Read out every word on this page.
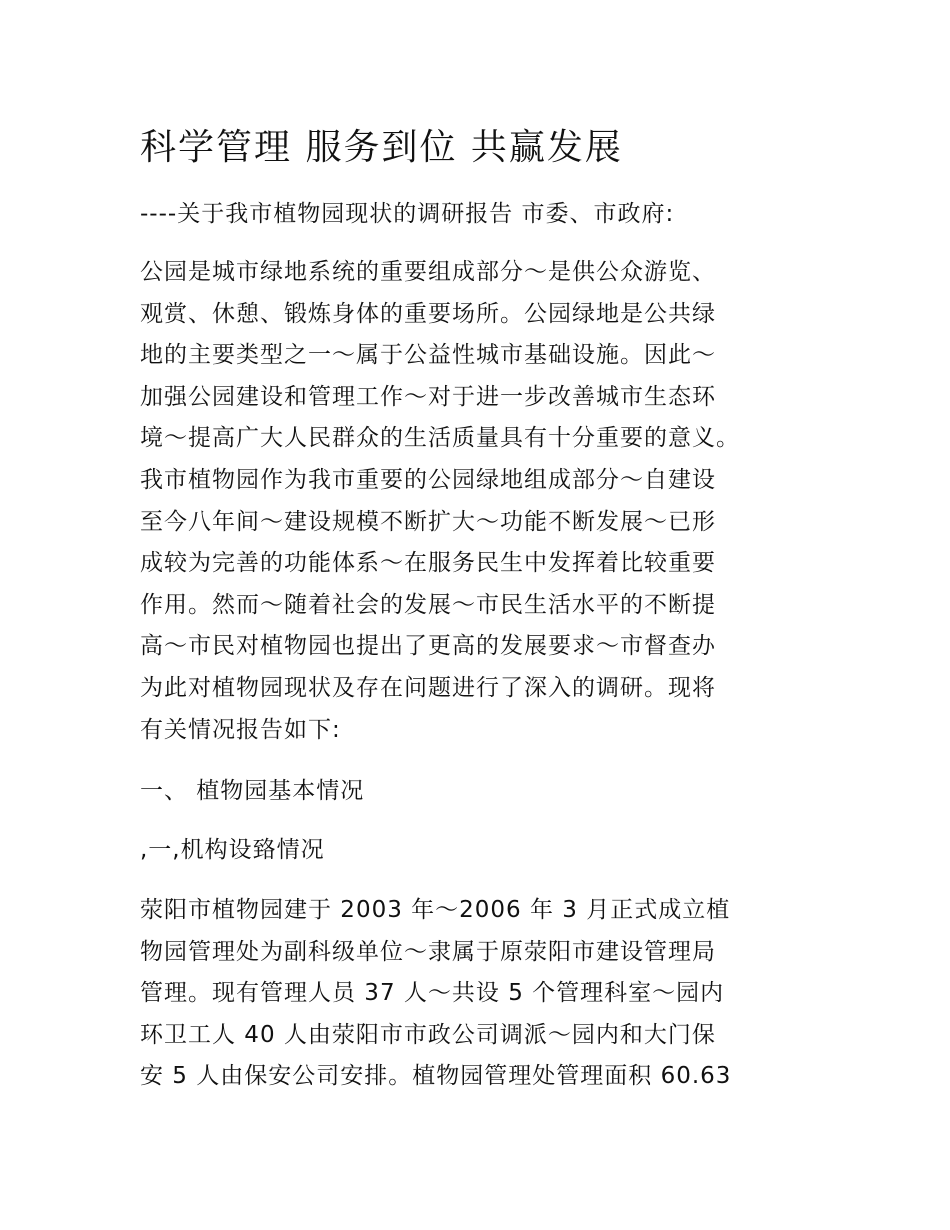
科学管理 服务到位 共赢发展
----关于我市植物园现状的调研报告 市委、市政府:
公园是城市绿地系统的重要组成部分～是供公众游览、
观赏、休憩、锻炼身体的重要场所。公园绿地是公共绿
地的主要类型之一～属于公益性城市基础设施。因此～
加强公园建设和管理工作～对于进一步改善城市生态环
境～提高广大人民群众的生活质量具有十分重要的意义。
我市植物园作为我市重要的公园绿地组成部分～自建设
至今八年间～建设规模不断扩大～功能不断发展～已形
成较为完善的功能体系～在服务民生中发挥着比较重要
作用。然而～随着社会的发展～市民生活水平的不断提
高～市民对植物园也提出了更高的发展要求～市督查办
为此对植物园现状及存在问题进行了深入的调研。现将
有关情况报告如下:
一、 植物园基本情况
,一,机构设臵情况
荥阳市植物园建于 2003 年～2006 年 3 月正式成立植
物园管理处为副科级单位～隶属于原荥阳市建设管理局
管理。现有管理人员 37 人～共设 5 个管理科室～园内
环卫工人 40 人由荥阳市市政公司调派～园内和大门保
安 5 人由保安公司安排。植物园管理处管理面积 60.63
